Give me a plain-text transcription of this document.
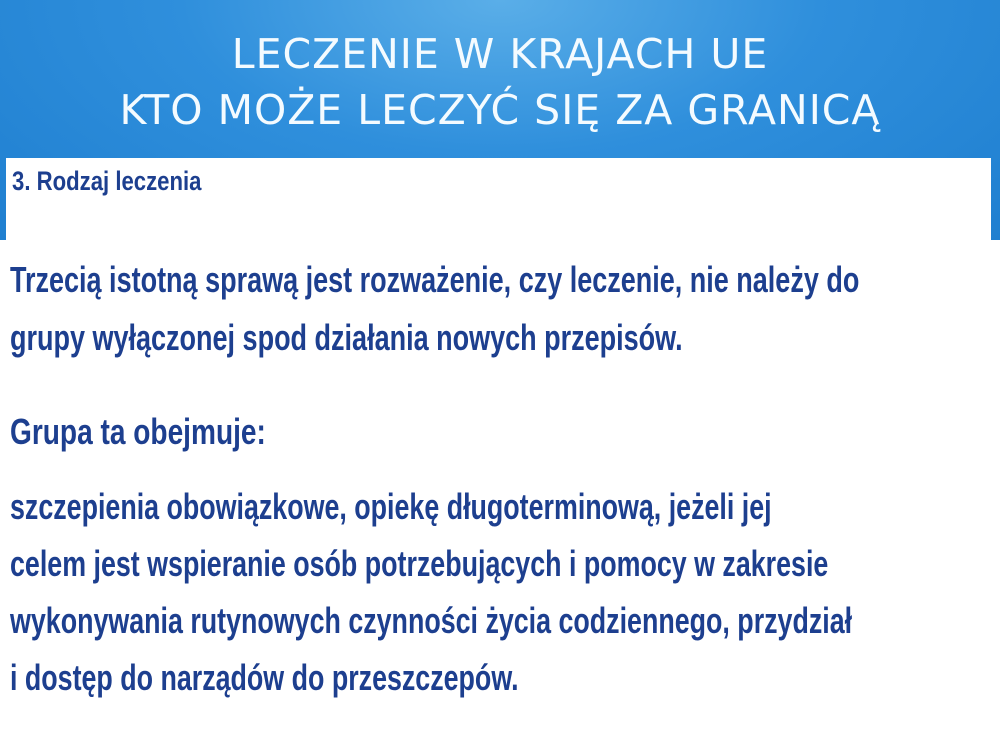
LECZENIE W KRAJACH UE
KTO MOŻE LECZYĆ SIĘ ZA GRANICĄ
3. Rodzaj leczenia

Trzecią istotną sprawą jest rozważenie, czy leczenie, nie należy do
grupy wyłączonej spod działania nowych przepisów.

Grupa ta obejmuje:

szczepienia obowiązkowe, opiekę długoterminową, jeżeli jej
celem jest wspieranie osób potrzebujących i pomocy w zakresie
wykonywania rutynowych czynności życia codziennego, przydział
i dostęp do narządów do przeszczepów.
